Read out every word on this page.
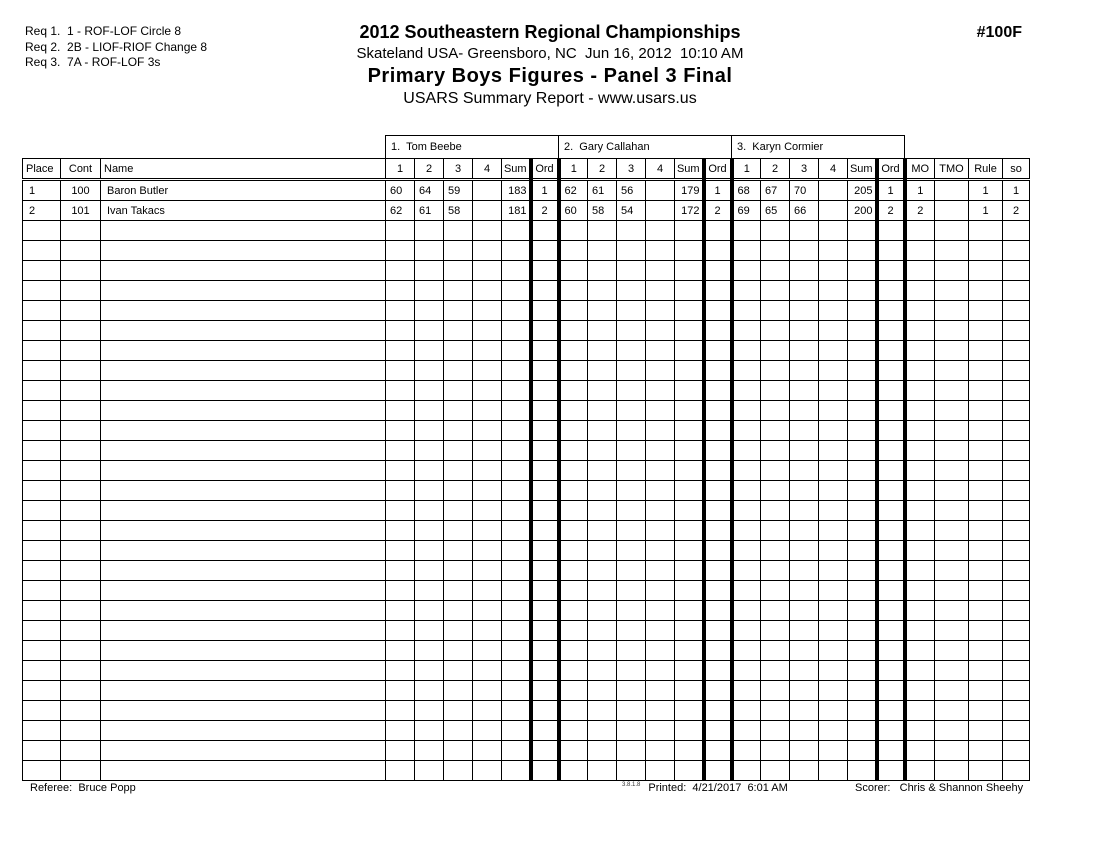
Req 1.  1 - ROF-LOF Circle 8
Req 2.  2B - LIOF-RIOF Change 8
Req 3.  7A - ROF-LOF 3s
2012 Southeastern Regional Championships
Skateland USA- Greensboro, NC  Jun 16, 2012  10:10 AM
Primary Boys Figures - Panel 3 Final
USARS Summary Report - www.usars.us
#100F
			1.  Tom Beebe						2.  Gary Callahan						3.  Karyn Cormier									
Place	Cont	Name	1	2	3	4	Sum	Ord	1	2	3	4	Sum	Ord	1	2	3	4	Sum	Ord	MO	TMO	Rule	so
1	100	Baron Butler	60	64	59		183	1	62	61	56		179	1	68	67	70		205	1	1		1	1
2	101	Ivan Takacs	62	61	58		181	2	60	58	54		172	2	69	65	66		200	2	2		1	2

Referee:  Bruce Popp	$^{3.8.1.8}$ Printed:  4/21/2017  6:01 AM	Scorer:   Chris & Shannon Sheehy
